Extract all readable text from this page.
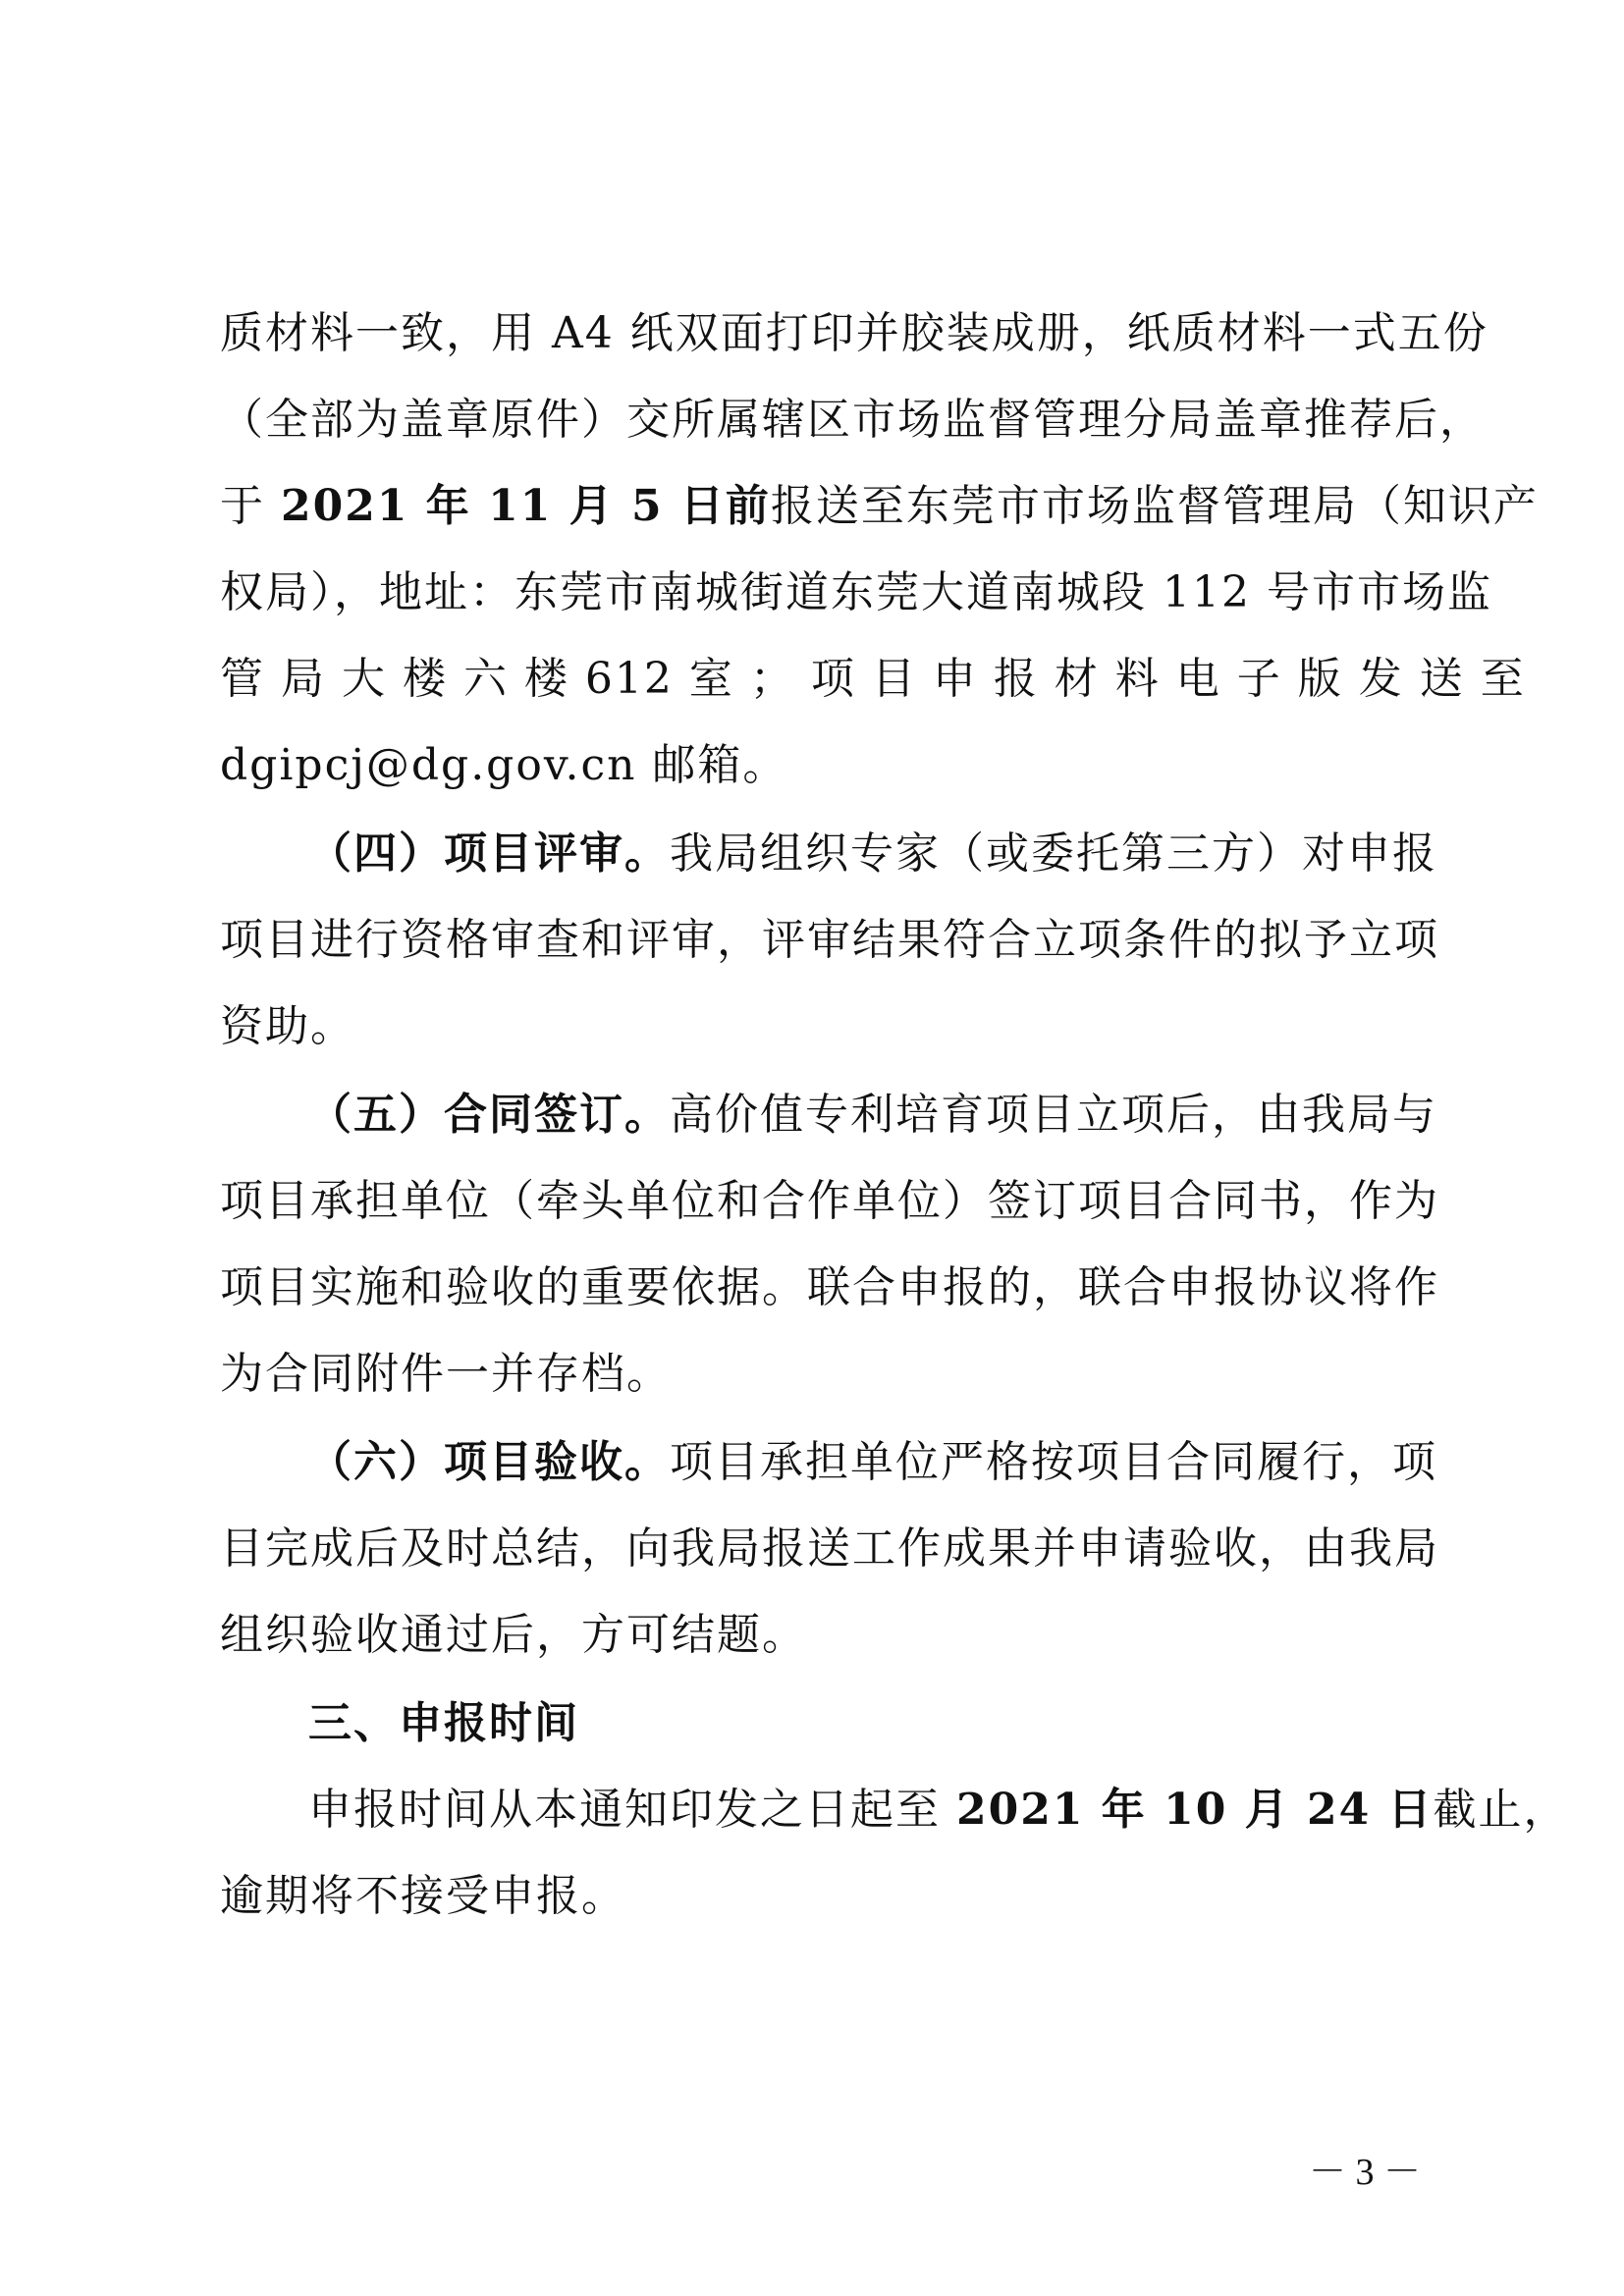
质材料一致，用 A4 纸双面打印并胶装成册，纸质材料一式五份
（全部为盖章原件）交所属辖区市场监督管理分局盖章推荐后，
于 2021 年 11 月 5 日前报送至东莞市市场监督管理局（知识产
权局），地址：东莞市南城街道东莞大道南城段 112 号市市场监
管 局 大 楼 六 楼 612 室 ； 项 目 申 报 材 料 电 子 版 发 送 至
dgipcj@dg.gov.cn 邮箱。
（四）项目评审。我局组织专家（或委托第三方）对申报
项目进行资格审查和评审，评审结果符合立项条件的拟予立项
资助。
（五）合同签订。高价值专利培育项目立项后，由我局与
项目承担单位（牵头单位和合作单位）签订项目合同书，作为
项目实施和验收的重要依据。联合申报的，联合申报协议将作
为合同附件一并存档。
（六）项目验收。项目承担单位严格按项目合同履行，项
目完成后及时总结，向我局报送工作成果并申请验收，由我局
组织验收通过后，方可结题。
三、申报时间
申报时间从本通知印发之日起至 2021 年 10 月 24 日截止，
逾期将不接受申报。
－ 3 －
